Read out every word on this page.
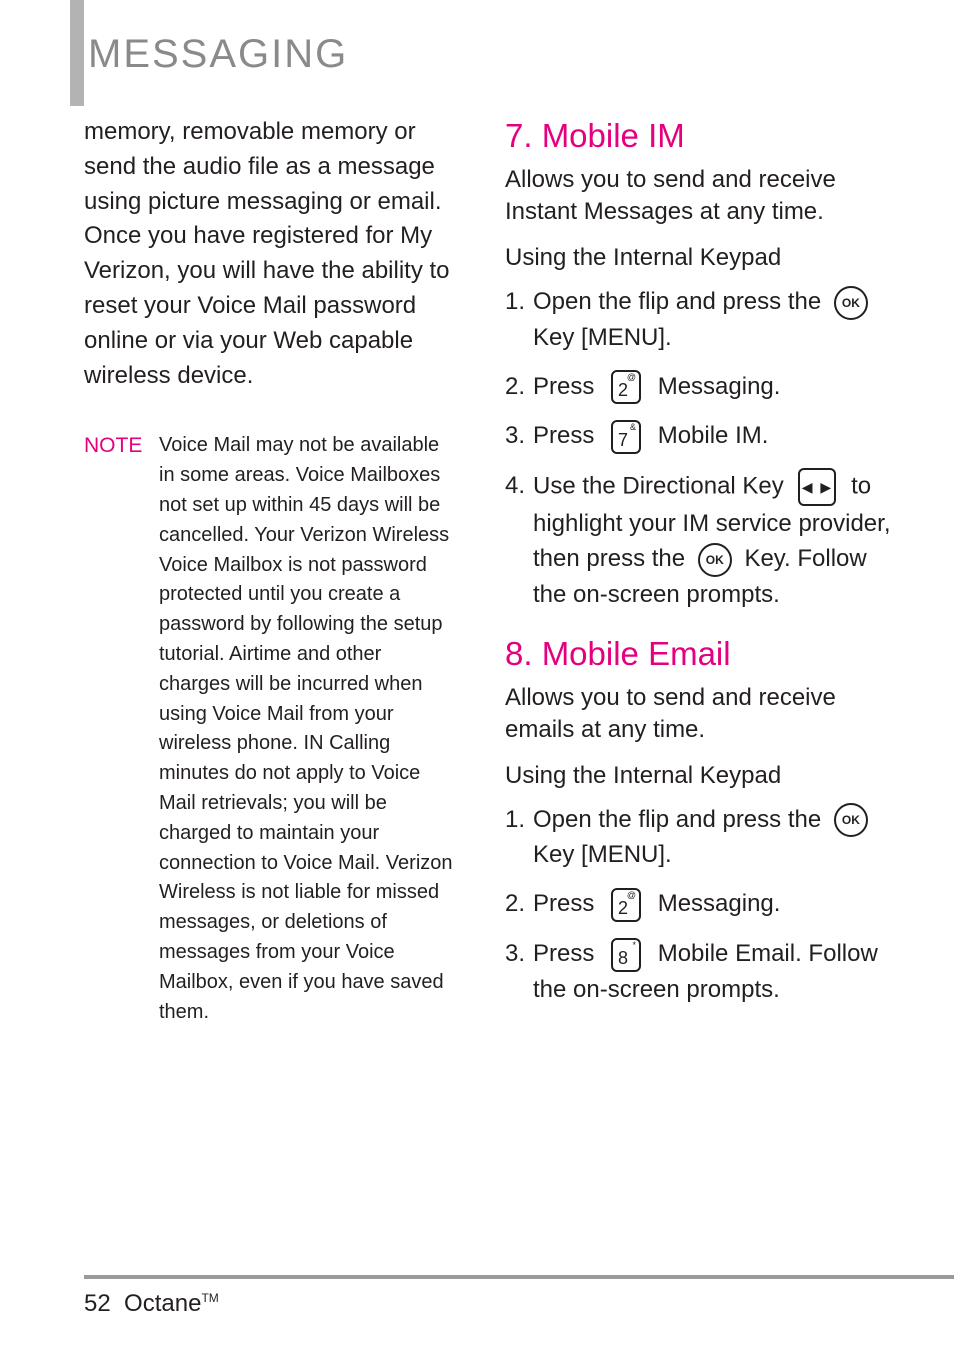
MESSAGING

memory, removable memory or send the audio file as a message using picture messaging or email. Once you have registered for My Verizon, you will have the ability to reset your Voice Mail password online or via your Web capable wireless device.

NOTE Voice Mail may not be available in some areas. Voice Mailboxes not set up within 45 days will be cancelled. Your Verizon Wireless Voice Mailbox is not password protected until you create a password by following the setup tutorial. Airtime and other charges will be incurred when using Voice Mail from your wireless phone. IN Calling minutes do not apply to Voice Mail retrievals; you will be charged to maintain your connection to Voice Mail. Verizon Wireless is not liable for missed messages, or deletions of messages from your Voice Mailbox, even if you have saved them.

7. Mobile IM

Allows you to send and receive Instant Messages at any time.

Using the Internal Keypad

1. Open the flip and press the OK Key [MENU].
2. Press	@
2 Messaging.
3. Press	&
7 Mobile IM.
4. Use the Directional Key ◀ ▶ to highlight your IM service provider, then press the OK Key. Follow the on-screen prompts.
8. Mobile Email

Allows you to send and receive emails at any time.

Using the Internal Keypad

1. Open the flip and press the OK Key [MENU].
2. Press	@
2 Messaging.
3. Press	*
8 Mobile Email. Follow the on-screen prompts.
52 Octane™
